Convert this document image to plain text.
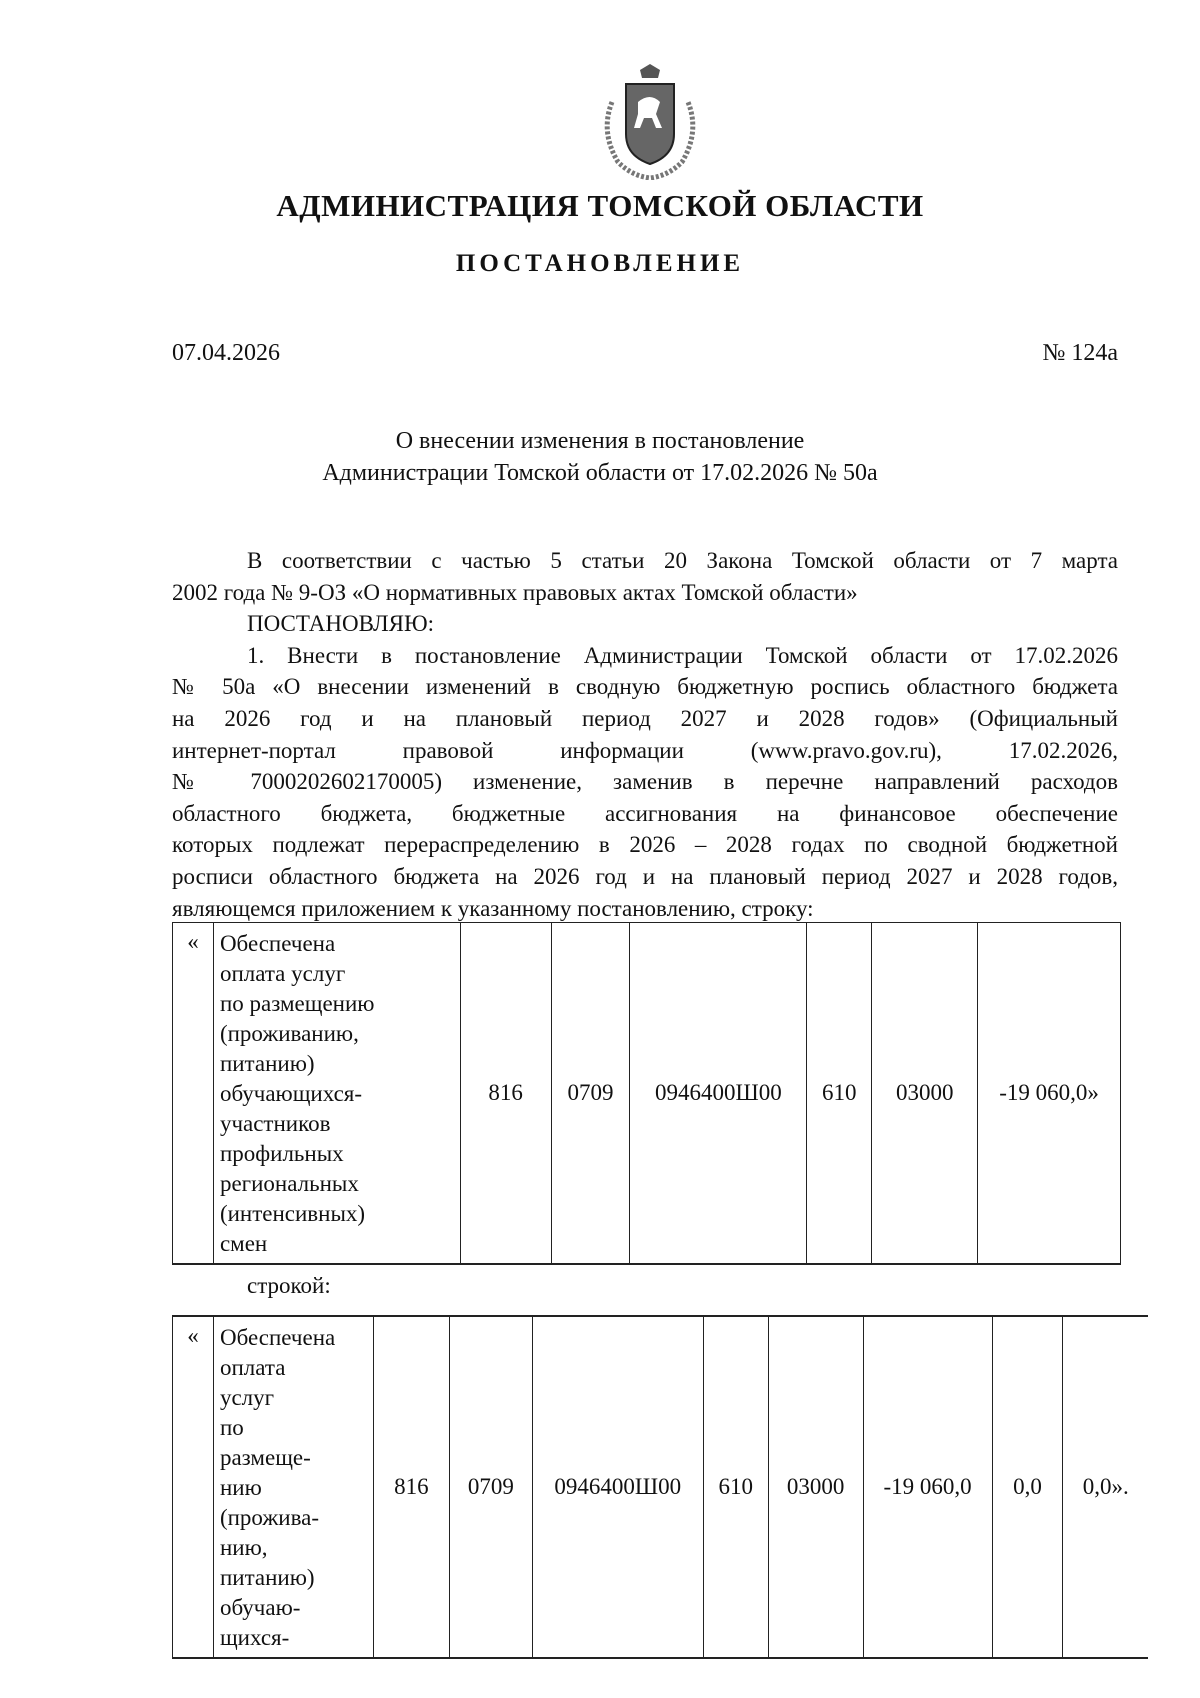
АДМИНИСТРАЦИЯ ТОМСКОЙ ОБЛАСТИ
ПОСТАНОВЛЕНИЕ
07.04.2026	№ 124а
О внесении изменения в постановление
Администрации Томской области от 17.02.2026 № 50а
В соответствии с частью 5 статьи 20 Закона Томской области от 7 марта
2002 года № 9-ОЗ «О нормативных правовых актах Томской области»
ПОСТАНОВЛЯЮ:
1. Внести в постановление Администрации Томской области от 17.02.2026
№ 50а «О внесении изменений в сводную бюджетную роспись областного бюджета
на 2026 год и на плановый период 2027 и 2028 годов» (Официальный
интернет-портал правовой информации (www.pravo.gov.ru), 17.02.2026,
№ 7000202602170005) изменение, заменив в перечне направлений расходов
областного бюджета, бюджетные ассигнования на финансовое обеспечение
которых подлежат перераспределению в 2026 – 2028 годах по сводной бюджетной
росписи областного бюджета на 2026 год и на плановый период 2027 и 2028 годов,
являющемся приложением к указанному постановлению, строку:
«	Обеспечена
оплата услуг
по размещению
(проживанию,
питанию)
обучающихся-
участников
профильных
региональных
(интенсивных)
смен
	816	0709	0946400Ш00	610	03000	-19 060,0»
строкой:
«	Обеспечена
оплата
услуг
по
размеще-
нию
(прожива-
нию,
питанию)
обучаю-
щихся-
	816	0709	0946400Ш00	610	03000	-19 060,0	0,0	0,0».
